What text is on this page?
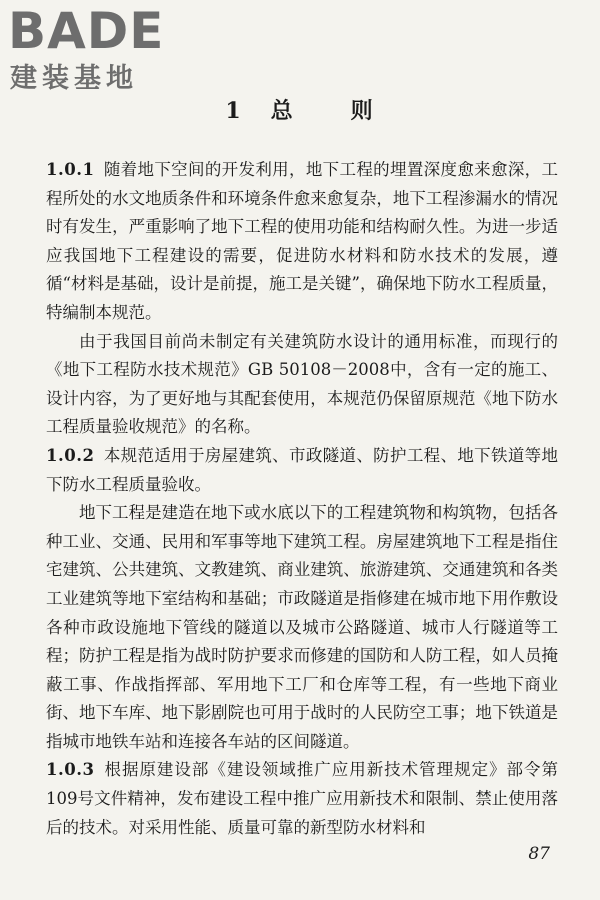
BADE
建装基地
1 总	则

1.0.1 随着地下空间的开发利用，地下工程的埋置深度愈来愈深，工程所处的水文地质条件和环境条件愈来愈复杂，地下工程渗漏水的情况时有发生，严重影响了地下工程的使用功能和结构耐久性。为进一步适应我国地下工程建设的需要，促进防水材料和防水技术的发展，遵循“材料是基础，设计是前提，施工是关键”，确保地下防水工程质量，特编制本规范。

由于我国目前尚未制定有关建筑防水设计的通用标准，而现行的《地下工程防水技术规范》GB 50108－2008中，含有一定的施工、设计内容，为了更好地与其配套使用，本规范仍保留原规范《地下防水工程质量验收规范》的名称。

1.0.2 本规范适用于房屋建筑、市政隧道、防护工程、地下铁道等地下防水工程质量验收。

地下工程是建造在地下或水底以下的工程建筑物和构筑物，包括各种工业、交通、民用和军事等地下建筑工程。房屋建筑地下工程是指住宅建筑、公共建筑、文教建筑、商业建筑、旅游建筑、交通建筑和各类工业建筑等地下室结构和基础；市政隧道是指修建在城市地下用作敷设各种市政设施地下管线的隧道以及城市公路隧道、城市人行隧道等工程；防护工程是指为战时防护要求而修建的国防和人防工程，如人员掩蔽工事、作战指挥部、军用地下工厂和仓库等工程，有一些地下商业街、地下车库、地下影剧院也可用于战时的人民防空工事；地下铁道是指城市地铁车站和连接各车站的区间隧道。

1.0.3 根据原建设部《建设领域推广应用新技术管理规定》部令第109号文件精神，发布建设工程中推广应用新技术和限制、禁止使用落后的技术。对采用性能、质量可靠的新型防水材料和

87
